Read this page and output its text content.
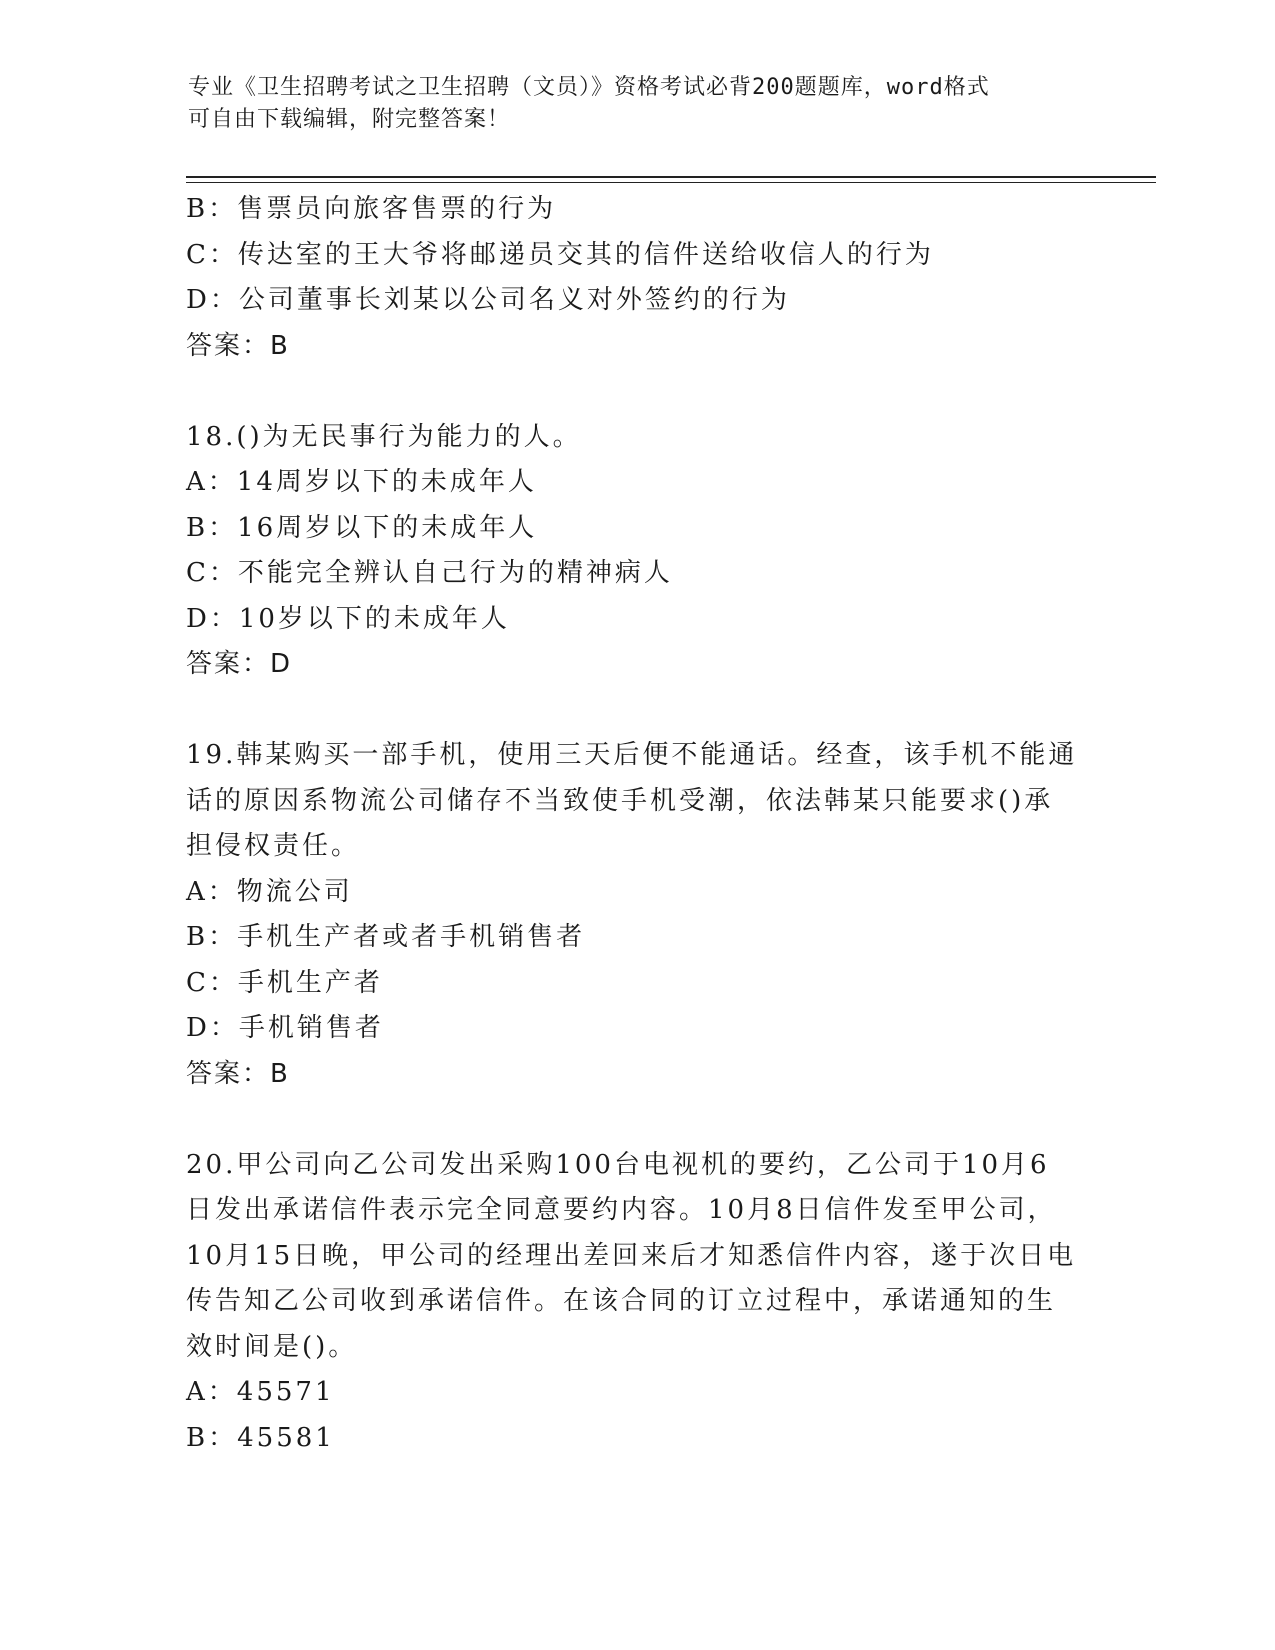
专业《卫生招聘考试之卫生招聘（文员）》资格考试必背200题题库，word格式
可自由下载编辑，附完整答案！
B：售票员向旅客售票的行为
C：传达室的王大爷将邮递员交其的信件送给收信人的行为
D：公司董事长刘某以公司名义对外签约的行为
答案：B
18.()为无民事行为能力的人。
A：14周岁以下的未成年人
B：16周岁以下的未成年人
C：不能完全辨认自己行为的精神病人
D：10岁以下的未成年人
答案：D
19.韩某购买一部手机，使用三天后便不能通话。经查，该手机不能通
话的原因系物流公司储存不当致使手机受潮，依法韩某只能要求()承
担侵权责任。
A：物流公司
B：手机生产者或者手机销售者
C：手机生产者
D：手机销售者
答案：B
20.甲公司向乙公司发出采购100台电视机的要约，乙公司于10月6
日发出承诺信件表示完全同意要约内容。10月8日信件发至甲公司，
10月15日晚，甲公司的经理出差回来后才知悉信件内容，遂于次日电
传告知乙公司收到承诺信件。在该合同的订立过程中，承诺通知的生
效时间是()。
A：45571
B：45581
